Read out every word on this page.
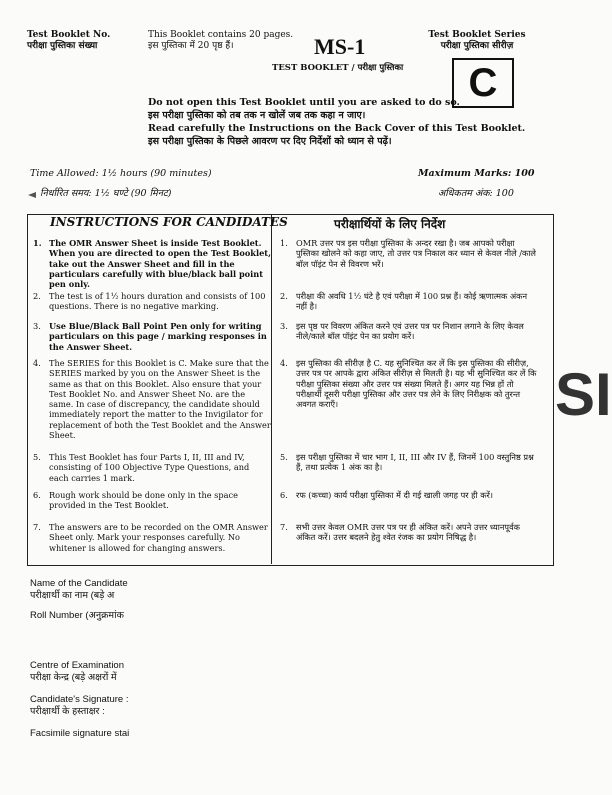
Test Booklet No.
परीक्षा पुस्तिका संख्या
This Booklet contains 20 pages.
इस पुस्तिका में 20 पृष्ठ हैं।
Test Booklet Series
परीक्षा पुस्तिका सीरीज़
MS-1
TEST BOOKLET / परीक्षा पुस्तिका	C
Do not open this Test Booklet until you are asked to do so.
इस परीक्षा पुस्तिका को तब तक न खोलें जब तक कहा न जाए।
Read carefully the Instructions on the Back Cover of this Test Booklet.
इस परीक्षा पुस्तिका के पिछले आवरण पर दिए निर्देशों को ध्यान से पढ़ें।
Time Allowed: 1½ hours (90 minutes)
निर्धारित समय: 1½ घण्टे (90 मिनट)
Maximum Marks: 100
अधिकतम अंक: 100
INSTRUCTIONS FOR CANDIDATES	परीक्षार्थियों के लिए निर्देश
1. The OMR Answer Sheet is inside Test Booklet. When you are directed to open the Test Booklet, take out the Answer Sheet and fill in the particulars carefully with blue/black ball point pen only.
2. The test is of 1½ hours duration and consists of 100 questions. There is no negative marking.
3. Use Blue/Black Ball Point Pen only for writing particulars on this page / marking responses in the Answer Sheet.
4. The SERIES for this Booklet is C. Make sure that the SERIES marked by you on the Answer Sheet is the same as that on this Booklet. Also ensure that your Test Booklet No. and Answer Sheet No. are the same. In case of discrepancy, the candidate should immediately report the matter to the Invigilator for replacement of both the Test Booklet and the Answer Sheet.
5. This Test Booklet has four Parts I, II, III and IV, consisting of 100 Objective Type Questions, and each carries 1 mark.
6. Rough work should be done only in the space provided in the Test Booklet.
7. The answers are to be recorded on the OMR Answer Sheet only. Mark your responses carefully. No whitener is allowed for changing answers.
1. OMR उत्तर पत्र इस परीक्षा पुस्तिका के अन्दर रखा है। जब आपको परीक्षा पुस्तिका खोलने को कहा जाए, तो उत्तर पत्र निकाल कर ध्यान से केवल नीले /काले बॉल पॉइंट पेन से विवरण भरें।
2. परीक्षा की अवधि 1½ घंटे है एवं परीक्षा में 100 प्रश्न हैं। कोई ऋणात्मक अंकन नहीं है।
3. इस पृष्ठ पर विवरण अंकित करने एवं उत्तर पत्र पर निशान लगाने के लिए केवल नीले/काले बॉल पॉइंट पेन का प्रयोग करें।
4. इस पुस्तिका की सीरीज़ है C. यह सुनिश्चित कर लें कि इस पुस्तिका की सीरीज़, उत्तर पत्र पर आपके द्वारा अंकित सीरीज़ से मिलती है। यह भी सुनिश्चित कर लें कि परीक्षा पुस्तिका संख्या और उत्तर पत्र संख्या मिलते हैं। अगर यह भिन्न हों तो परीक्षार्थी दूसरी परीक्षा पुस्तिका और उत्तर पत्र लेने के लिए निरीक्षक को तुरन्त अवगत कराएँ।
5. इस परीक्षा पुस्तिका में चार भाग I, II, III और IV हैं, जिनमें 100 वस्तुनिष्ठ प्रश्न हैं, तथा प्रत्येक 1 अंक का है।
6. रफ (कच्चा) कार्य परीक्षा पुस्तिका में दी गई खाली जगह पर ही करें।
7. सभी उत्तर केवल OMR उत्तर पत्र पर ही अंकित करें। अपने उत्तर ध्यानपूर्वक अंकित करें। उत्तर बदलने हेतु श्वेत रंजक का प्रयोग निषिद्ध है।
SI
Name of the Candidate
परीक्षार्थी का नाम (बड़े अ
Roll Number (अनुक्रमांक
Centre of Examination
परीक्षा केन्द्र (बड़े अक्षरों में
Candidate's Signature :
परीक्षार्थी के हस्ताक्षर :
Facsimile signature stai
